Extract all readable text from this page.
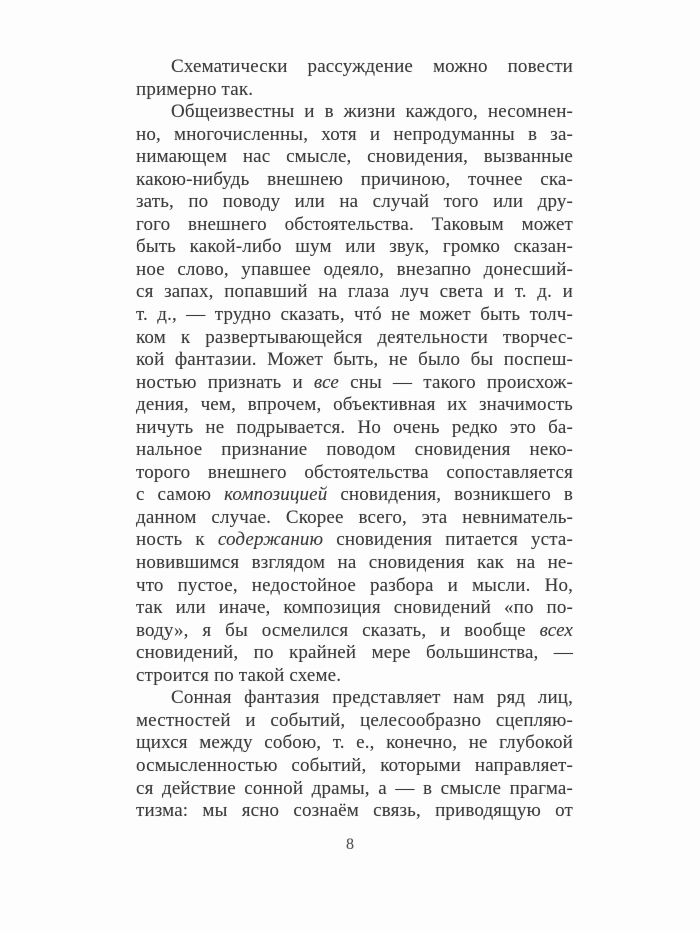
Схематически рассуждение можно повести
примерно так.
Общеизвестны и в жизни каждого, несомнен-
но, многочисленны, хотя и непродуманны в за-
нимающем нас смысле, сновидения, вызванные
какою-нибудь внешнею причиною, точнее ска-
зать, по поводу или на случай того или дру-
гого внешнего обстоятельства. Таковым может
быть какой-либо шум или звук, громко сказан-
ное слово, упавшее одеяло, внезапно донесший-
ся запах, попавший на глаза луч света и т. д. и
т. д., — трудно сказать, чтó не может быть толч-
ком к развертывающейся деятельности творчес-
кой фантазии. Может быть, не было бы поспеш-
ностью признать и все сны — такого происхож-
дения, чем, впрочем, объективная их значимость
ничуть не подрывается. Но очень редко это ба-
нальное признание поводом сновидения неко-
торого внешнего обстоятельства сопоставляется
с самою композицией сновидения, возникшего в
данном случае. Скорее всего, эта невниматель-
ность к содержанию сновидения питается уста-
новившимся взглядом на сновидения как на не-
что пустое, недостойное разбора и мысли. Но,
так или иначе, композиция сновидений «по по-
воду», я бы осмелился сказать, и вообще всех
сновидений, по крайней мере большинства, —
строится по такой схеме.
Сонная фантазия представляет нам ряд лиц,
местностей и событий, целесообразно сцепляю-
щихся между собою, т. е., конечно, не глубокой
осмысленностью событий, которыми направляет-
ся действие сонной драмы, а — в смысле прагма-
тизма: мы ясно сознаём связь, приводящую от
8
